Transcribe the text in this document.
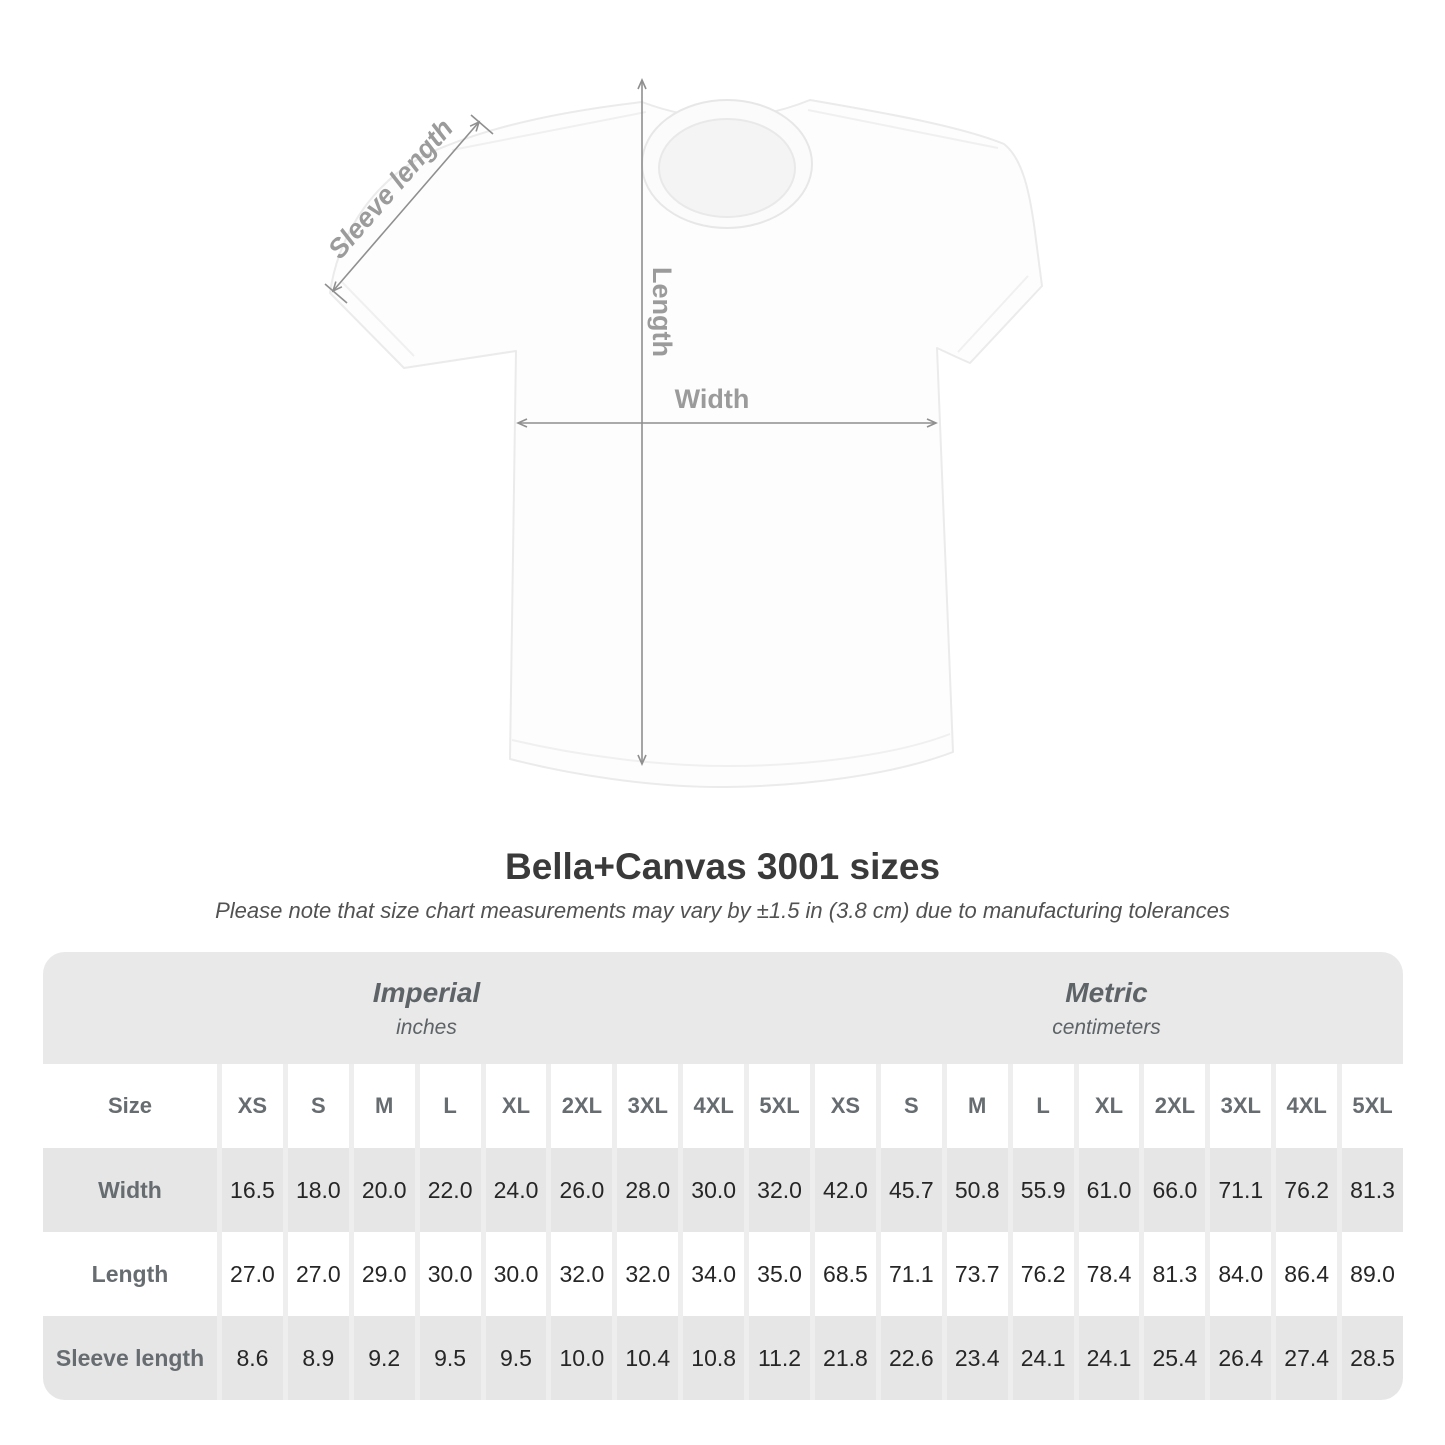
Sleeve length
Length
Width
Bella+Canvas 3001 sizes
Please note that size chart measurements may vary by ±1.5 in (3.8 cm) due to manufacturing tolerances
Imperial
inches
Metric
centimeters
Size	XS	S	M	L	XL	2XL	3XL	4XL	5XL	XS	S	M	L	XL	2XL	3XL	4XL	5XL
Width	16.5 18.0 20.0 22.0 24.0 26.0 28.0 30.0 32.0 42.0 45.7 50.8 55.9 61.0 66.0 71.1 76.2 81.3
Length	27.0 27.0 29.0 30.0 30.0 32.0 32.0 34.0 35.0 68.5 71.1 73.7 76.2 78.4 81.3 84.0 86.4 89.0
Sleeve length	8.6	8.9	9.2	9.5	9.5	10.0 10.4 10.8 11.2 21.8 22.6 23.4 24.1 24.1 25.4 26.4 27.4 28.5
